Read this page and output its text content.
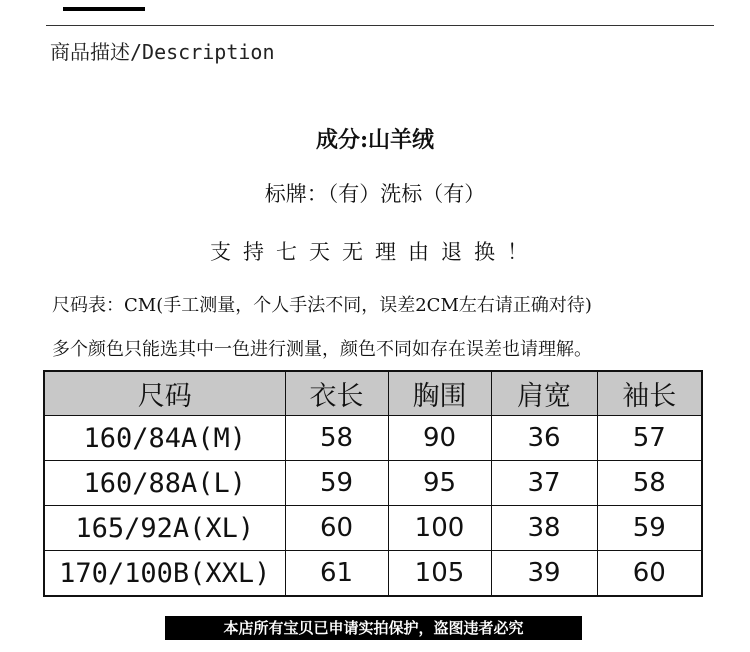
商品描述/Description
成分:山羊绒
标牌：（有）洗标（有）
支持七天无理由退换！
尺码表：CM(手工测量，个人手法不同，误差2CM左右请正确对待)
多个颜色只能选其中一色进行测量，颜色不同如存在误差也请理解。
尺码	衣长	胸围	肩宽	袖长
160/84A(M)	58	90	36	57
160/88A(L)	59	95	37	58
165/92A(XL)	60	100	38	59
170/100B(XXL)	61	105	39	60
本店所有宝贝已申请实拍保护，盗图违者必究
